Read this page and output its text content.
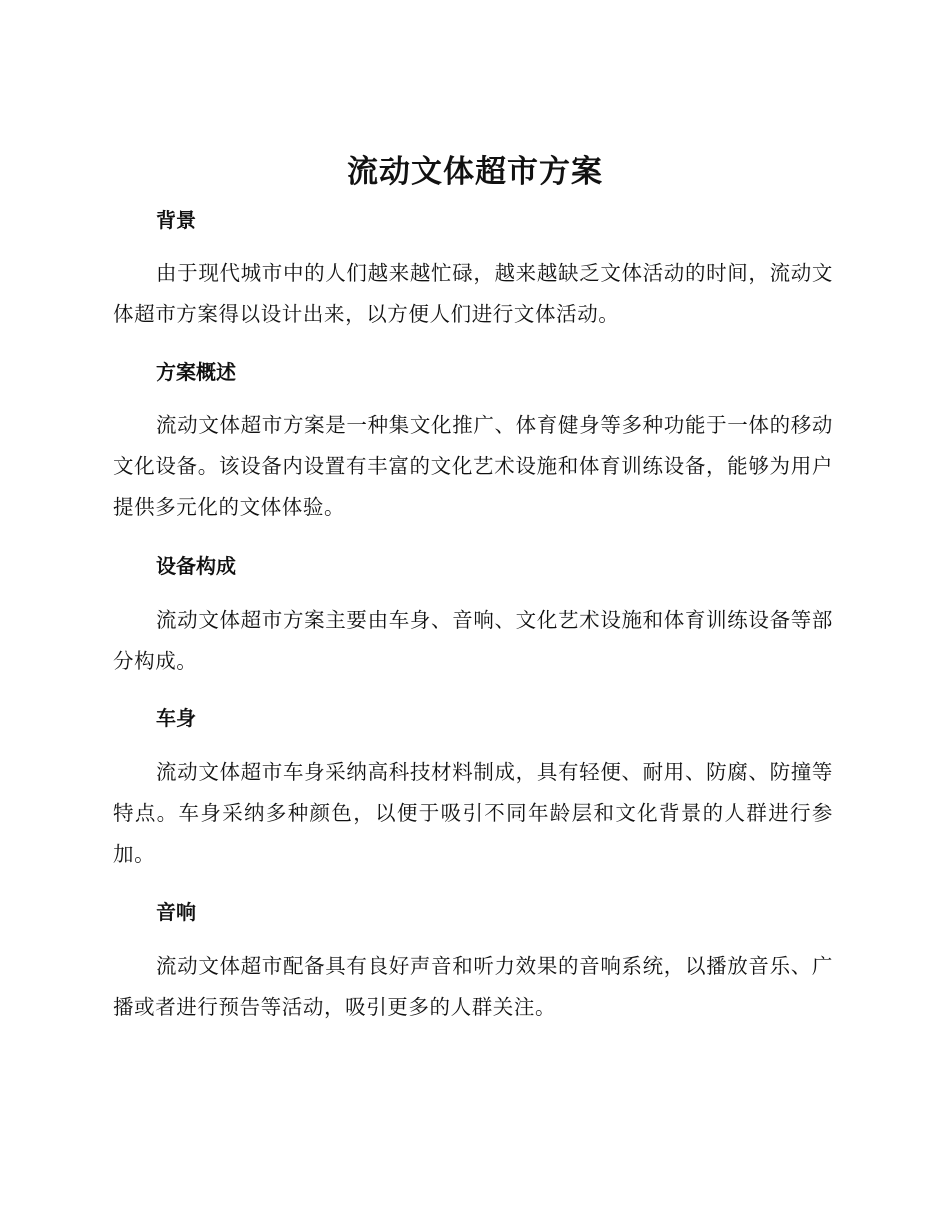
流动文体超市方案
背景

由于现代城市中的人们越来越忙碌，越来越缺乏文体活动的时间，流动文体超市方案得以设计出来，以方便人们进行文体活动。

方案概述

流动文体超市方案是一种集文化推广、体育健身等多种功能于一体的移动文化设备。该设备内设置有丰富的文化艺术设施和体育训练设备，能够为用户提供多元化的文体体验。

设备构成

流动文体超市方案主要由车身、音响、文化艺术设施和体育训练设备等部分构成。

车身

流动文体超市车身采纳高科技材料制成，具有轻便、耐用、防腐、防撞等特点。车身采纳多种颜色，以便于吸引不同年龄层和文化背景的人群进行参加。

音响

流动文体超市配备具有良好声音和听力效果的音响系统，以播放音乐、广播或者进行预告等活动，吸引更多的人群关注。
